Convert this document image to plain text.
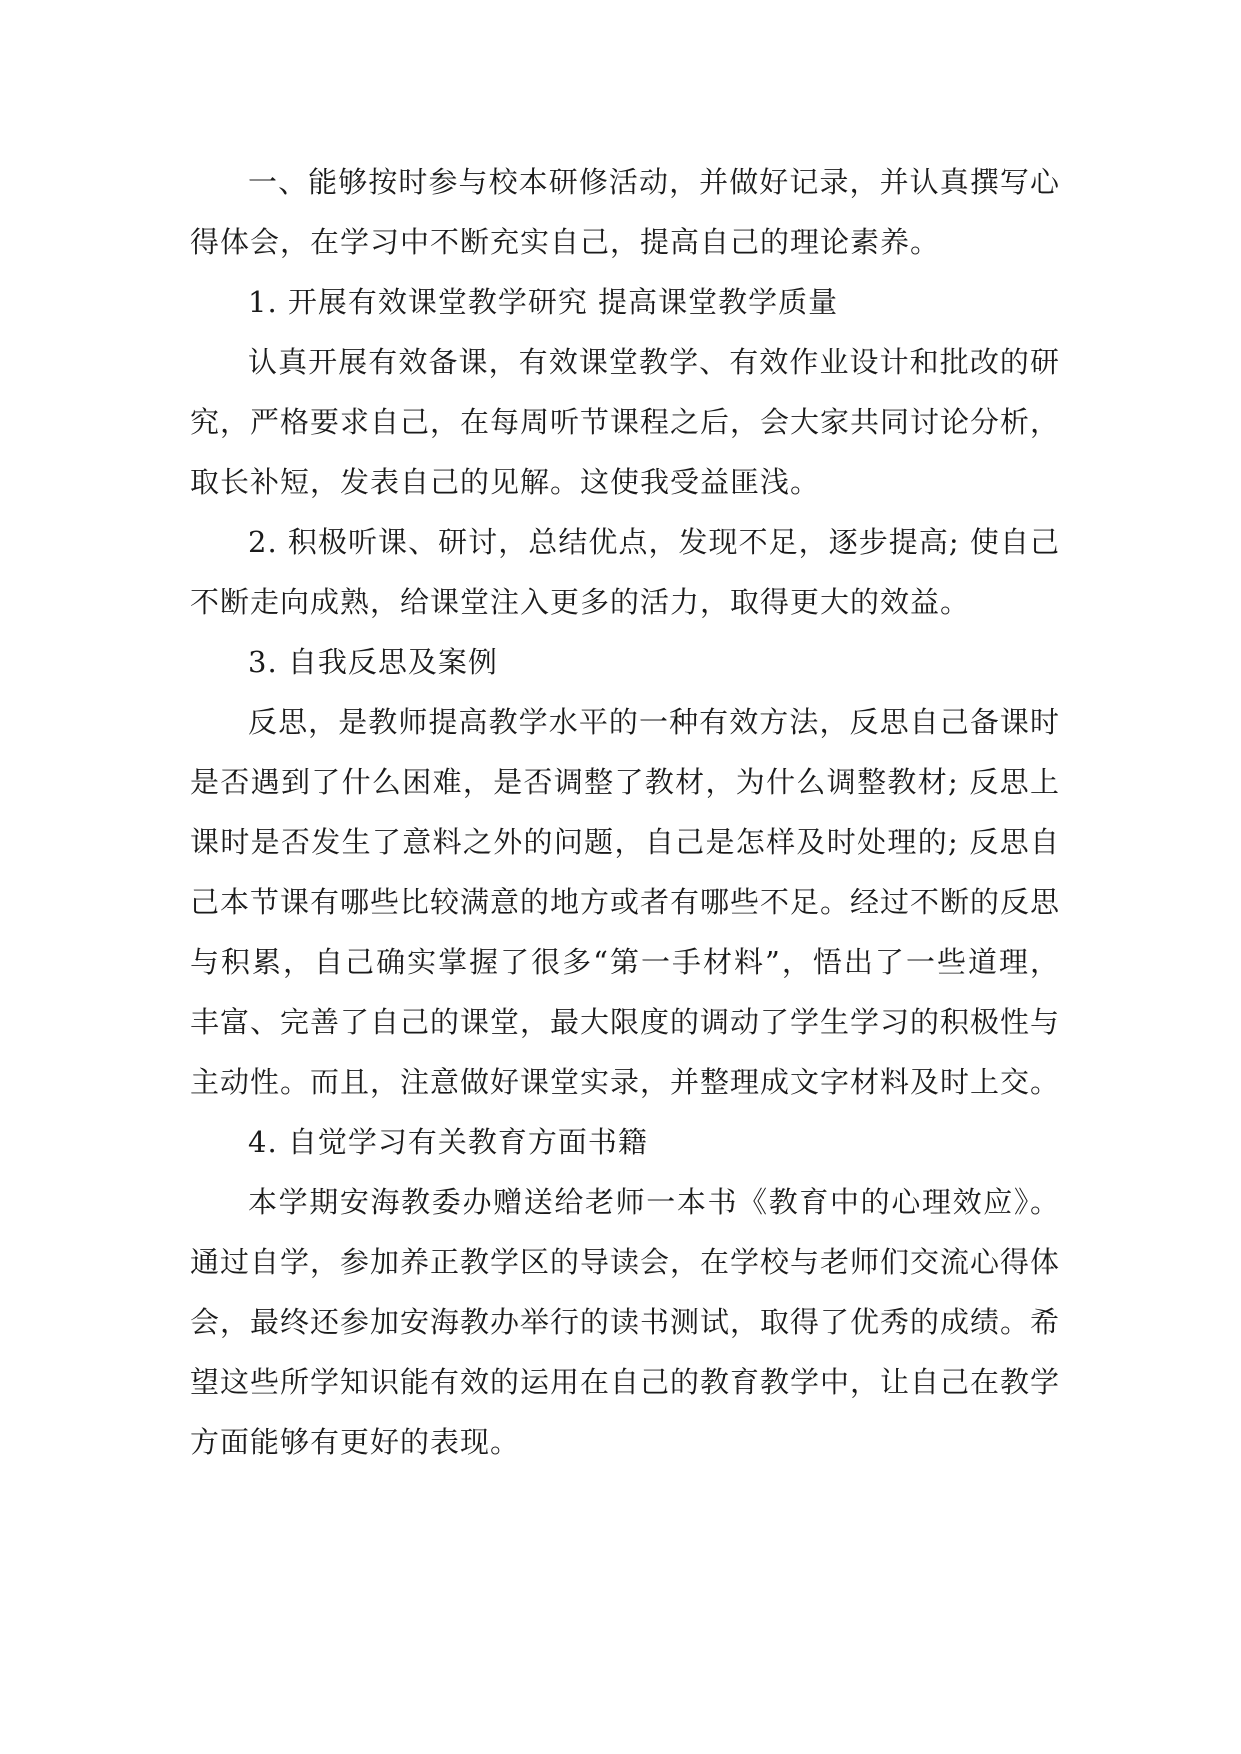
一、能够按时参与校本研修活动，并做好记录，并认真撰写心得体会，在学习中不断充实自己，提高自己的理论素养。

1. 开展有效课堂教学研究 提高课堂教学质量

认真开展有效备课，有效课堂教学、有效作业设计和批改的研究，严格要求自己，在每周听节课程之后，会大家共同讨论分析，取长补短，发表自己的见解。这使我受益匪浅。

2. 积极听课、研讨，总结优点，发现不足，逐步提高; 使自己不断走向成熟，给课堂注入更多的活力，取得更大的效益。

3. 自我反思及案例

反思，是教师提高教学水平的一种有效方法，反思自己备课时是否遇到了什么困难，是否调整了教材，为什么调整教材; 反思上课时是否发生了意料之外的问题，自己是怎样及时处理的; 反思自己本节课有哪些比较满意的地方或者有哪些不足。经过不断的反思与积累，自己确实掌握了很多“第一手材料”，悟出了一些道理，丰富、完善了自己的课堂，最大限度的调动了学生学习的积极性与主动性。而且，注意做好课堂实录，并整理成文字材料及时上交。

4. 自觉学习有关教育方面书籍

本学期安海教委办赠送给老师一本书《教育中的心理效应》。通过自学，参加养正教学区的导读会，在学校与老师们交流心得体会，最终还参加安海教办举行的读书测试，取得了优秀的成绩。希望这些所学知识能有效的运用在自己的教育教学中，让自己在教学方面能够有更好的表现。
